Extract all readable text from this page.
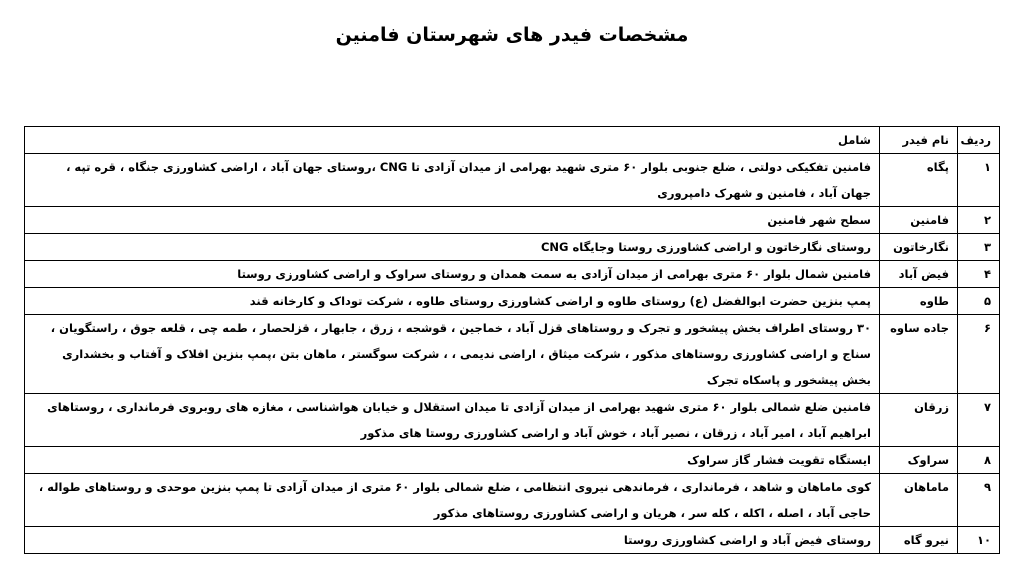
مشخصات فیدر های شهرستان فامنین
ردیف	نام فیدر	شامل
۱	پگاه	فامنین تفکیکی دولتی ، ضلع جنوبی بلوار ۶۰ متری شهید بهرامی از میدان آزادی تا CNG ،روستای جهان آباد ، اراضی کشاورزی جنگاه ، قره تپه ، جهان آباد ، فامنین و شهرک دامپروری
۲	فامنین	سطح شهر فامنین
۳	نگارخاتون	روستای نگارخاتون و اراضی کشاورزی روستا وجایگاه CNG
۴	فیض آباد	فامنین شمال بلوار ۶۰ متری بهرامی از میدان آزادی به سمت همدان و روستای سراوک و اراضی کشاورزی روستا
۵	طاوه	پمپ بنزین حضرت ابوالفضل (ع) روستای طاوه و اراضی کشاورزی روستای طاوه ، شرکت توداک و کارخانه قند
۶	جاده ساوه	۳۰ روستای اطراف بخش پیشخور و تجرک و روستاهای قزل آباد ، خماجین ، قوشجه ، زرق ، جابهار ، قزلحصار ، طمه چی ، قلعه جوق ، راستگویان ، سناج و اراضی کشاورزی روستاهای مذکور ، شرکت میثاق ، اراضی ندیمی ، ، شرکت سوگستر ، ماهان بتن ،پمپ بنزین افلاک و آفتاب و بخشداری بخش پیشخور و پاسکاه تجرک
۷	زرقان	فامنین ضلع شمالی بلوار ۶۰ متری شهید بهرامی از میدان آزادی تا میدان استقلال و خیابان هواشناسی ، مغازه های روبروی فرمانداری ، روستاهای ابراهیم آباد ، امیر آباد ، زرقان ، نصیر آباد ، خوش آباد و اراضی کشاورزی روستا های مذکور
۸	سراوک	ایستگاه تقویت فشار گاز سراوک
۹	ماماهان	کوی ماماهان و شاهد ، فرمانداری ، فرماندهی نیروی انتظامی ، ضلع شمالی بلوار ۶۰ متری از میدان آزادی تا پمپ بنزین موحدی و روستاهای طواله ، حاجی آباد ، اصله ، اکله ، کله سر ، هریان و اراضی کشاورزی روستاهای مذکور
۱۰	نیرو گاه	روستای فیض آباد و اراضی کشاورزی روستا
